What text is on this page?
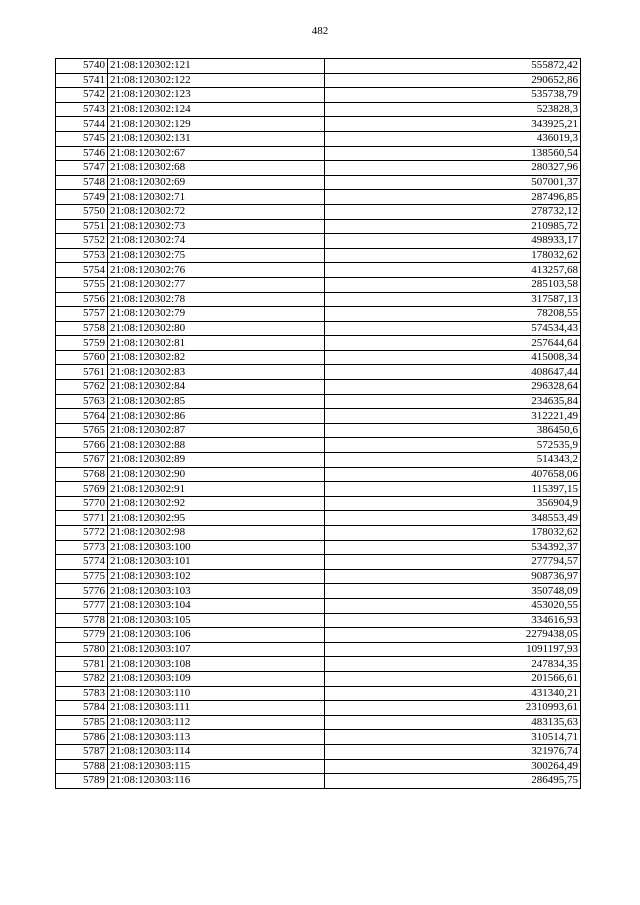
482
5740	21:08:120302:121	555872,42
5741	21:08:120302:122	290652,86
5742	21:08:120302:123	535738,79
5743	21:08:120302:124	523828,3
5744	21:08:120302:129	343925,21
5745	21:08:120302:131	436019,3
5746	21:08:120302:67	138560,54
5747	21:08:120302:68	280327,96
5748	21:08:120302:69	507001,37
5749	21:08:120302:71	287496,85
5750	21:08:120302:72	278732,12
5751	21:08:120302:73	210985,72
5752	21:08:120302:74	498933,17
5753	21:08:120302:75	178032,62
5754	21:08:120302:76	413257,68
5755	21:08:120302:77	285103,58
5756	21:08:120302:78	317587,13
5757	21:08:120302:79	78208,55
5758	21:08:120302:80	574534,43
5759	21:08:120302:81	257644,64
5760	21:08:120302:82	415008,34
5761	21:08:120302:83	408647,44
5762	21:08:120302:84	296328,64
5763	21:08:120302:85	234635,84
5764	21:08:120302:86	312221,49
5765	21:08:120302:87	386450,6
5766	21:08:120302:88	572535,9
5767	21:08:120302:89	514343,2
5768	21:08:120302:90	407658,06
5769	21:08:120302:91	115397,15
5770	21:08:120302:92	356904,9
5771	21:08:120302:95	348553,49
5772	21:08:120302:98	178032,62
5773	21:08:120303:100	534392,37
5774	21:08:120303:101	277794,57
5775	21:08:120303:102	908736,97
5776	21:08:120303:103	350748,09
5777	21:08:120303:104	453020,55
5778	21:08:120303:105	334616,93
5779	21:08:120303:106	2279438,05
5780	21:08:120303:107	1091197,93
5781	21:08:120303:108	247834,35
5782	21:08:120303:109	201566,61
5783	21:08:120303:110	431340,21
5784	21:08:120303:111	2310993,61
5785	21:08:120303:112	483135,63
5786	21:08:120303:113	310514,71
5787	21:08:120303:114	321976,74
5788	21:08:120303:115	300264,49
5789	21:08:120303:116	286495,75
